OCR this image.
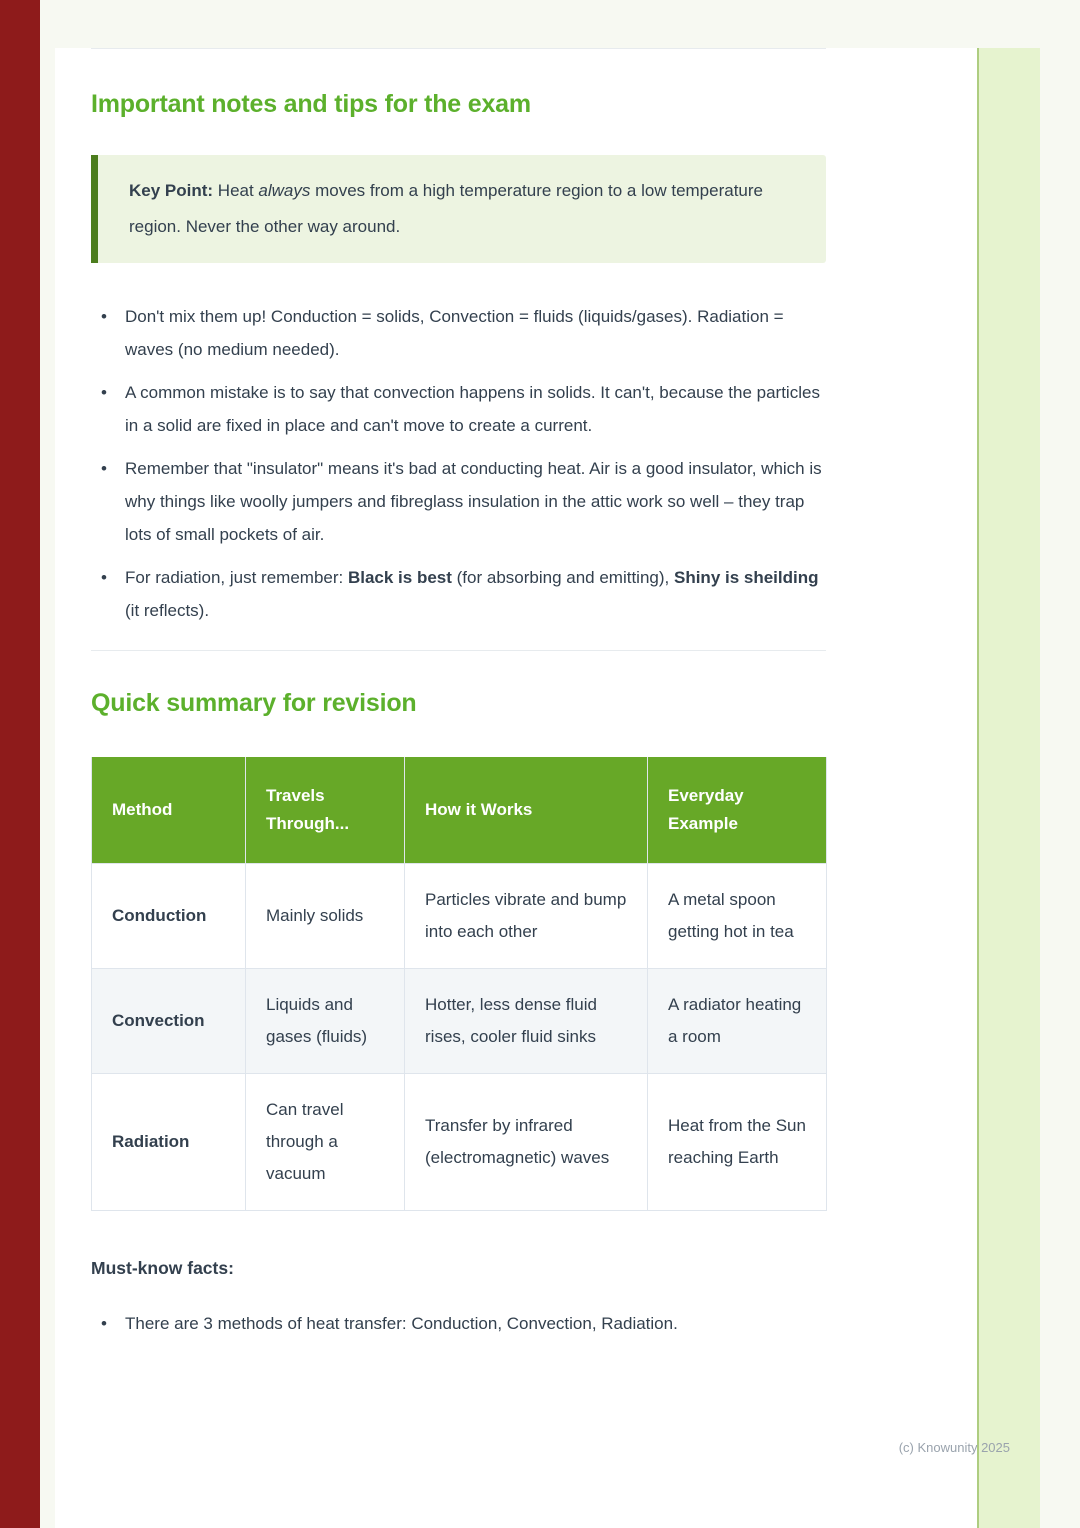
Important notes and tips for the exam

Key Point: Heat always moves from a high temperature region to a low temperature region. Never the other way around.

• Don't mix them up! Conduction = solids, Convection = fluids (liquids/gases). Radiation = waves (no medium needed).
• A common mistake is to say that convection happens in solids. It can't, because the particles in a solid are fixed in place and can't move to create a current.
• Remember that "insulator" means it's bad at conducting heat. Air is a good insulator, which is why things like woolly jumpers and fibreglass insulation in the attic work so well – they trap lots of small pockets of air.
• For radiation, just remember: Black is best (for absorbing and emitting), Shiny is sheilding (it reflects).
Quick summary for revision
Method	Travels Through...	How it Works	Everyday Example
Conduction	Mainly solids	Particles vibrate and bump into each other	A metal spoon getting hot in tea
Convection	Liquids and gases (fluids)	Hotter, less dense fluid rises, cooler fluid sinks	A radiator heating a room
Radiation	Can travel through a vacuum	Transfer by infrared (electromagnetic) waves	Heat from the Sun reaching Earth

Must-know facts:

• There are 3 methods of heat transfer: Conduction, Convection, Radiation.
(c) Knowunity 2025
